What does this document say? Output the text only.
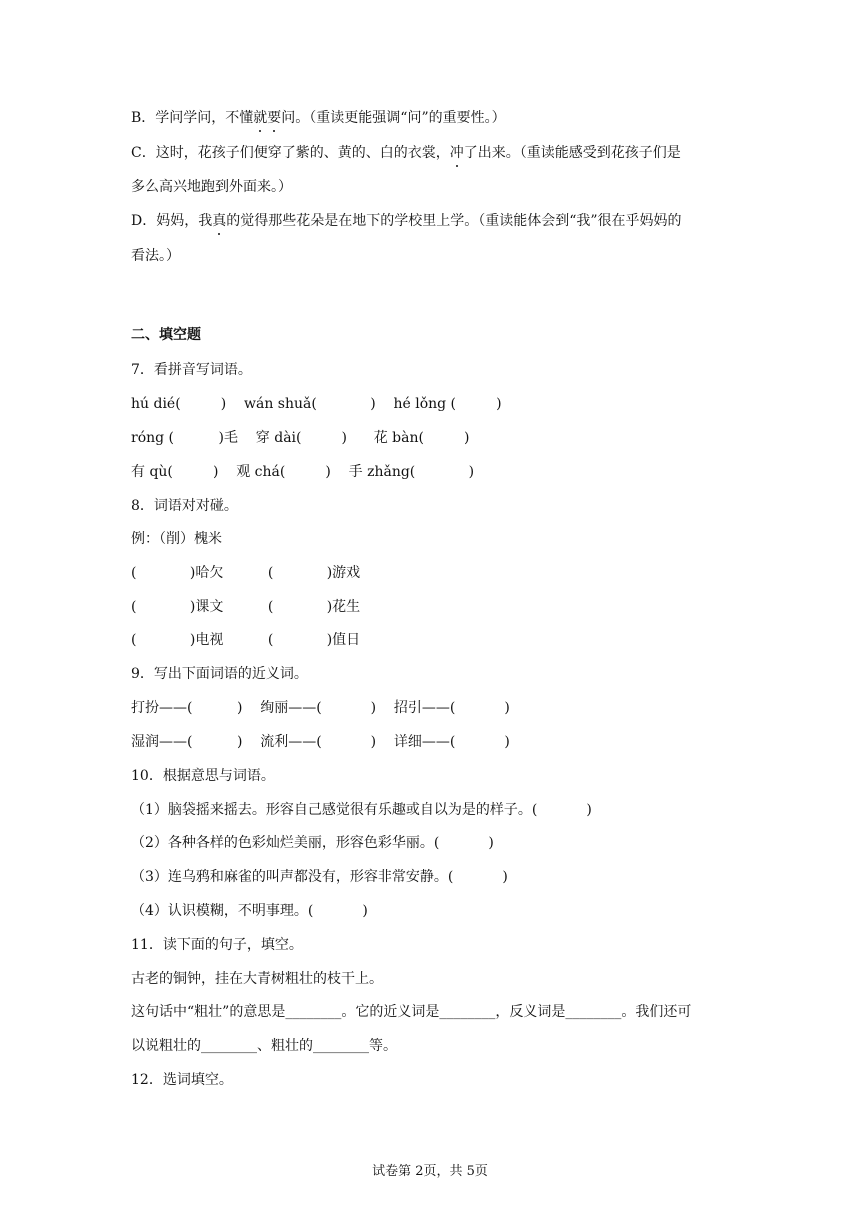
B．学问学问，不懂就要问。（重读更能强调“问”的重要性。）
C．这时，花孩子们便穿了紫的、黄的、白的衣裳，冲了出来。（重读能感受到花孩子们是
多么高兴地跑到外面来。）
D．妈妈，我真的觉得那些花朵是在地下的学校里上学。（重读能体会到“我”很在乎妈妈的
看法。）
二、填空题
7．看拼音写词语。
hú dié(         )    wán shuǎ(            )    hé lǒng (         )
róng (          )毛    穿 dài(         )      花 bàn(         )
有 qù(         )    观 chá(         )    手 zhǎng(            )
8．词语对对碰。
例：（削）槐米
(            )哈欠          (            )游戏
(            )课文          (            )花生
(            )电视          (            )值日
9．写出下面词语的近义词。
打扮——(          )    绚丽——(           )    招引——(           )
湿润——(          )    流利——(           )    详细——(           )
10．根据意思与词语。
（1）脑袋摇来摇去。形容自己感觉很有乐趣或自以为是的样子。(           )
（2）各种各样的色彩灿烂美丽，形容色彩华丽。(           )
（3）连乌鸦和麻雀的叫声都没有，形容非常安静。(           )
（4）认识模糊，不明事理。(           )
11．读下面的句子，填空。
古老的铜钟，挂在大青树粗壮的枝干上。
这句话中“粗壮”的意思是________。它的近义词是________，反义词是________。我们还可
以说粗壮的________、粗壮的________等。
12．选词填空。
试卷第 2页，共 5页
